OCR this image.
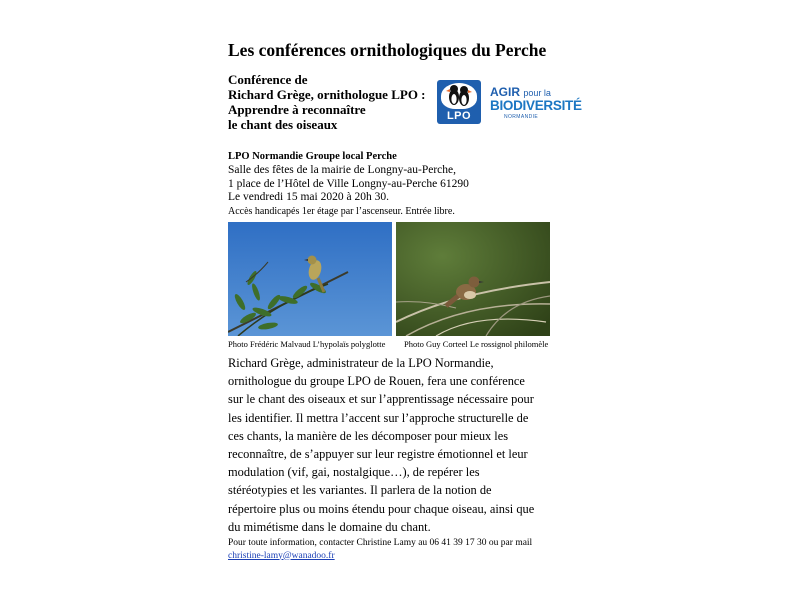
Les conférences ornithologiques du Perche
Conférence de
Richard Grège, ornithologue LPO :
Apprendre à reconnaître
le chant des oiseaux
LPO
AGIR pour la
BIODIVERSITÉ
NORMANDIE
LPO Normandie Groupe local Perche
Salle des fêtes de la mairie de Longny-au-Perche,
1 place de l’Hôtel de Ville Longny-au-Perche 61290
Le vendredi 15 mai 2020 à 20h 30.
Accès handicapés 1er étage par l’ascenseur. Entrée libre.
Photo Frédéric Malvaud L’hypolaïs polyglotte Photo Guy Corteel Le rossignol philomèle
Richard Grège, administrateur de la LPO Normandie,
ornithologue du groupe LPO de Rouen, fera une conférence
sur le chant des oiseaux et sur l’apprentissage nécessaire pour
les identifier. Il mettra l’accent sur l’approche structurelle de
ces chants, la manière de les décomposer pour mieux les
reconnaître, de s’appuyer sur leur registre émotionnel et leur
modulation (vif, gai, nostalgique…), de repérer les
stéréotypies et les variantes. Il parlera de la notion de
répertoire plus ou moins étendu pour chaque oiseau, ainsi que
du mimétisme dans le domaine du chant.
Pour toute information, contacter Christine Lamy au 06 41 39 17 30 ou par mail
christine-lamy@wanadoo.fr
